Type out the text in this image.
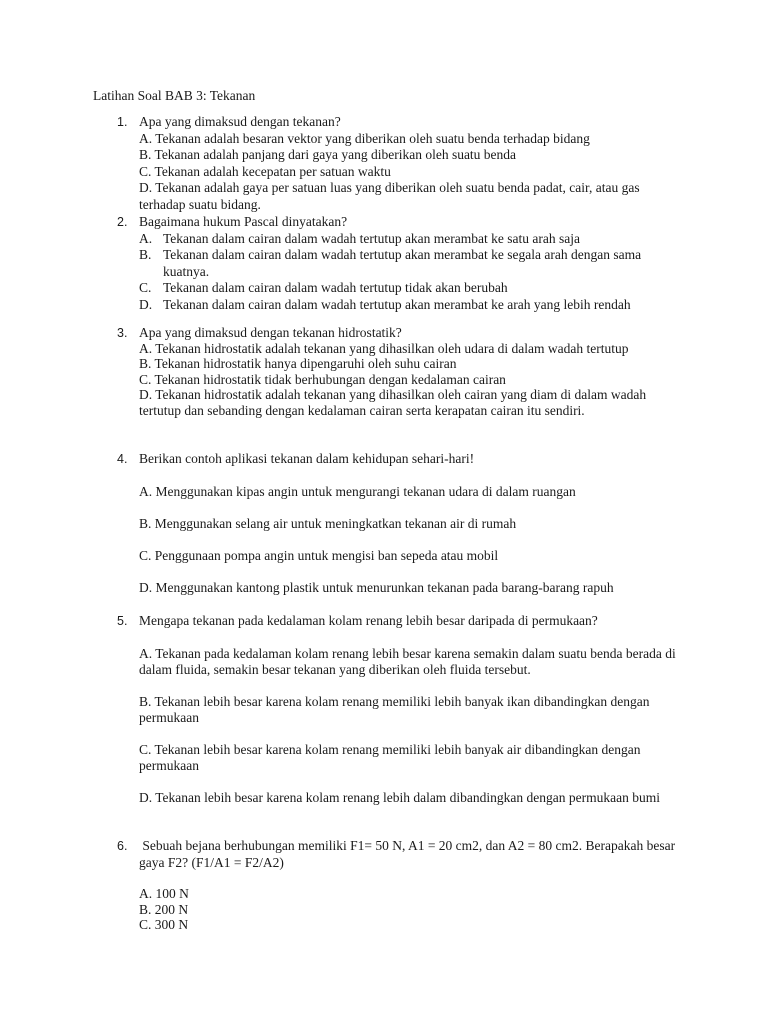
Latihan Soal BAB 3: Tekanan
1. Apa yang dimaksud dengan tekanan?
A. Tekanan adalah besaran vektor yang diberikan oleh suatu benda terhadap bidang
B. Tekanan adalah panjang dari gaya yang diberikan oleh suatu benda
C. Tekanan adalah kecepatan per satuan waktu
D. Tekanan adalah gaya per satuan luas yang diberikan oleh suatu benda padat, cair, atau gas terhadap suatu bidang.
2. Bagaimana hukum Pascal dinyatakan?
A. Tekanan dalam cairan dalam wadah tertutup akan merambat ke satu arah saja
B. Tekanan dalam cairan dalam wadah tertutup akan merambat ke segala arah dengan sama kuatnya.
C. Tekanan dalam cairan dalam wadah tertutup tidak akan berubah
D. Tekanan dalam cairan dalam wadah tertutup akan merambat ke arah yang lebih rendah
3. Apa yang dimaksud dengan tekanan hidrostatik?
A. Tekanan hidrostatik adalah tekanan yang dihasilkan oleh udara di dalam wadah tertutup
B. Tekanan hidrostatik hanya dipengaruhi oleh suhu cairan
C. Tekanan hidrostatik tidak berhubungan dengan kedalaman cairan
D. Tekanan hidrostatik adalah tekanan yang dihasilkan oleh cairan yang diam di dalam wadah tertutup dan sebanding dengan kedalaman cairan serta kerapatan cairan itu sendiri.
4. Berikan contoh aplikasi tekanan dalam kehidupan sehari-hari!
A. Menggunakan kipas angin untuk mengurangi tekanan udara di dalam ruangan
B. Menggunakan selang air untuk meningkatkan tekanan air di rumah
C. Penggunaan pompa angin untuk mengisi ban sepeda atau mobil
D. Menggunakan kantong plastik untuk menurunkan tekanan pada barang-barang rapuh
5. Mengapa tekanan pada kedalaman kolam renang lebih besar daripada di permukaan?
A. Tekanan pada kedalaman kolam renang lebih besar karena semakin dalam suatu benda berada di dalam fluida, semakin besar tekanan yang diberikan oleh fluida tersebut.
B. Tekanan lebih besar karena kolam renang memiliki lebih banyak ikan dibandingkan dengan permukaan
C. Tekanan lebih besar karena kolam renang memiliki lebih banyak air dibandingkan dengan permukaan
D. Tekanan lebih besar karena kolam renang lebih dalam dibandingkan dengan permukaan bumi
6. Sebuah bejana berhubungan memiliki F1= 50 N, A1 = 20 cm2, dan A2 = 80 cm2. Berapakah besar gaya F2? (F1/A1 = F2/A2)
A. 100 N
B. 200 N
C. 300 N
